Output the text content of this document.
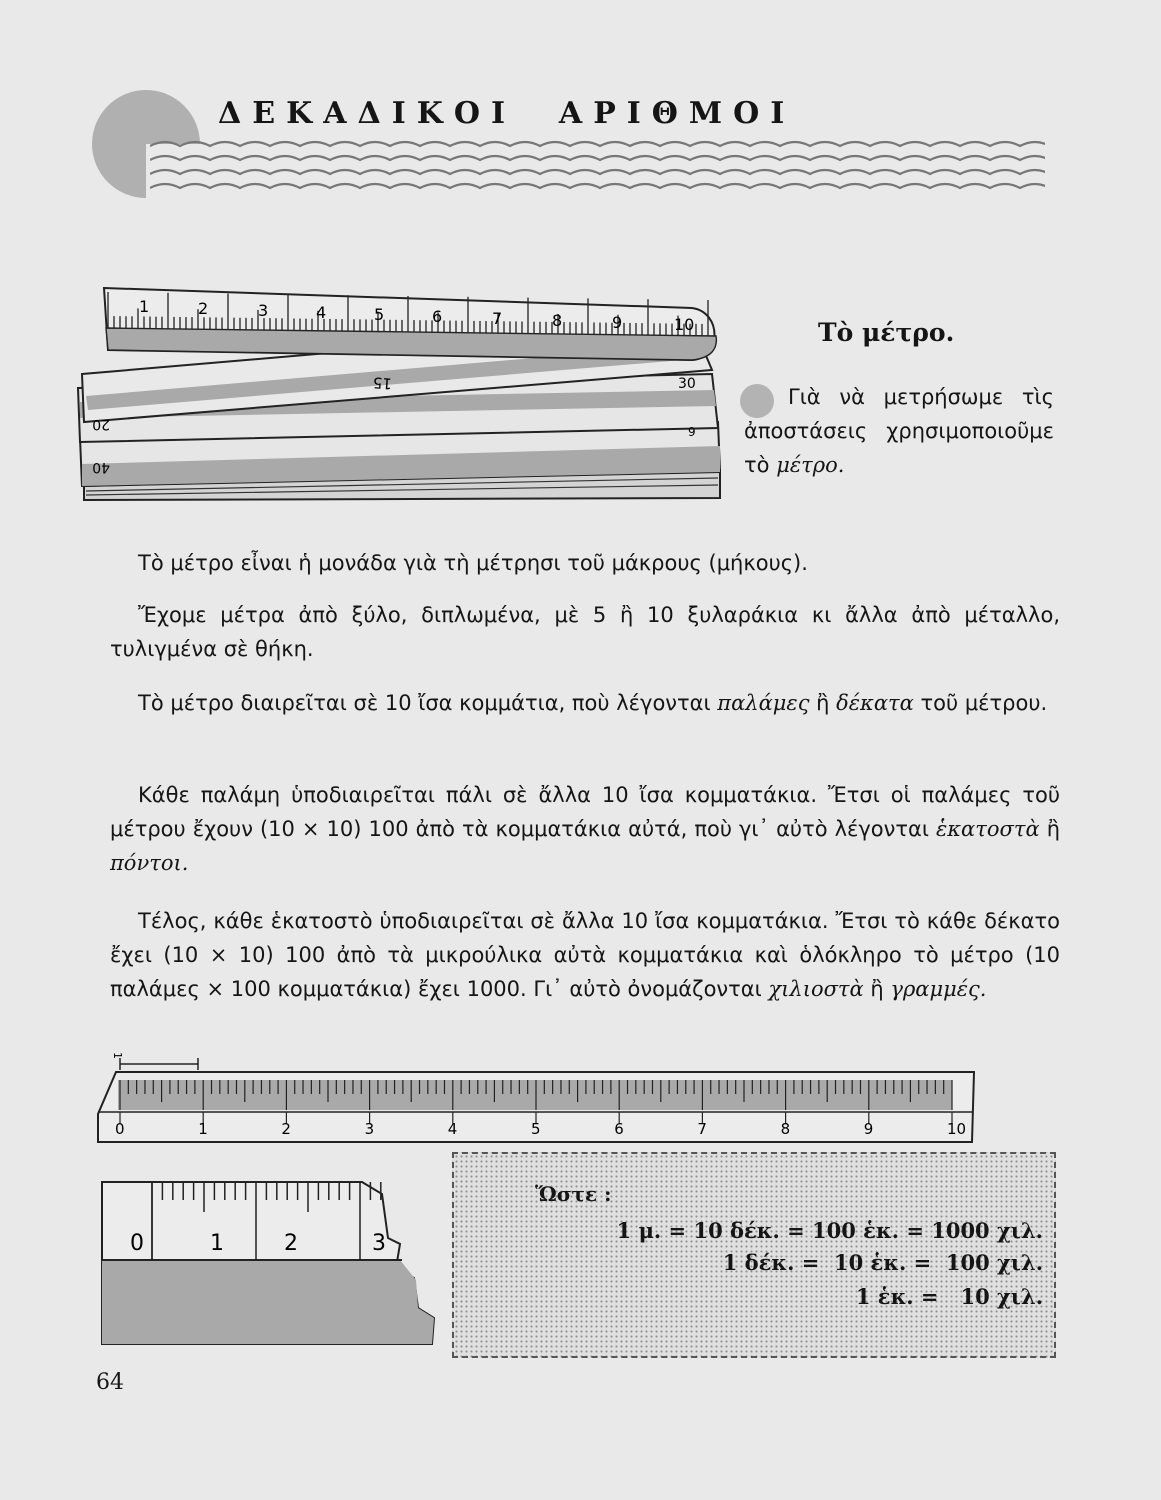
ΔΕΚΑΔΙΚΟΙ  ΑΡΙΘΜΟΙ
1	2	3	4	5	6	7	8	9	10
15
20
40
30
9
Τὸ μέτρο.

Γιὰ νὰ μετρήσωμε τὶς ἀποστάσεις χρησιμοποιοῦμε τὸ μέτρο.

Τὸ μέτρο εἶναι ἡ μονάδα γιὰ τὴ μέτρησι τοῦ μάκρους (μήκους).

Ἔχομε μέτρα ἀπὸ ξύλο, διπλωμένα, μὲ 5 ἢ 10 ξυλαράκια κι ἄλλα ἀπὸ μέταλλο, τυλιγμένα σὲ θήκη.

Τὸ μέτρο διαιρεῖται σὲ 10 ἴσα κομμάτια, ποὺ λέγονται παλάμες ἢ δέκατα τοῦ μέτρου.

Κάθε παλάμη ὑποδιαιρεῖται πάλι σὲ ἄλλα 10 ἴσα κομματάκια. Ἔτσι οἱ παλάμες τοῦ μέτρου ἔχουν (10 × 10) 100 ἀπὸ τὰ κομματάκια αὐτά, ποὺ γι᾽ αὐτὸ λέγονται ἑκατοστὰ ἢ πόντοι.

Τέλος, κάθε ἑκατοστὸ ὑποδιαιρεῖται σὲ ἄλλα 10 ἴσα κομματάκια. Ἔτσι τὸ κάθε δέκατο ἔχει (10 × 10) 100 ἀπὸ τὰ μικρούλικα αὐτὰ κομματάκια καὶ ὁλόκληρο τὸ μέτρο (10 παλάμες × 100 κομματάκια) ἔχει 1000. Γι᾽ αὐτὸ ὀνομάζονται χιλιοστὰ ἢ γραμμές.

1
0	1	2	3	4	5	6	7	8	9	10
0	1	2	3
Ὥστε :
1 μ. = 10 δέκ. = 100 ἑκ. = 1000 χιλ.
1 δέκ. =  10 ἑκ. =  100 χιλ.
1 ἑκ. =   10 χιλ.
64
